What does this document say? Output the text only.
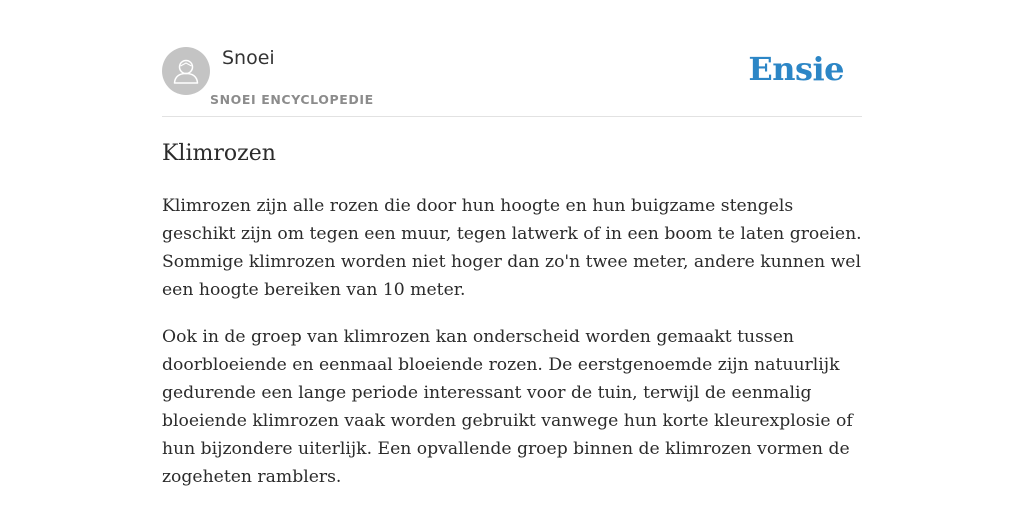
Snoei
SNOEI ENCYCLOPEDIE
Ensie
Klimrozen

Klimrozen zijn alle rozen die door hun hoogte en hun buigzame stengels geschikt zijn om tegen een muur, tegen latwerk of in een boom te laten groeien. Sommige klimrozen worden niet hoger dan zo'n twee meter, andere kunnen wel een hoogte bereiken van 10 meter.

Ook in de groep van klimrozen kan onderscheid worden gemaakt tussen doorbloeiende en eenmaal bloeiende rozen. De eerstgenoemde zijn natuurlijk gedurende een lange periode interessant voor de tuin, terwijl de eenmalig bloeiende klimrozen vaak worden gebruikt vanwege hun korte kleurexplosie of hun bijzondere uiterlijk. Een opvallende groep binnen de klimrozen vormen de zogeheten ramblers.
